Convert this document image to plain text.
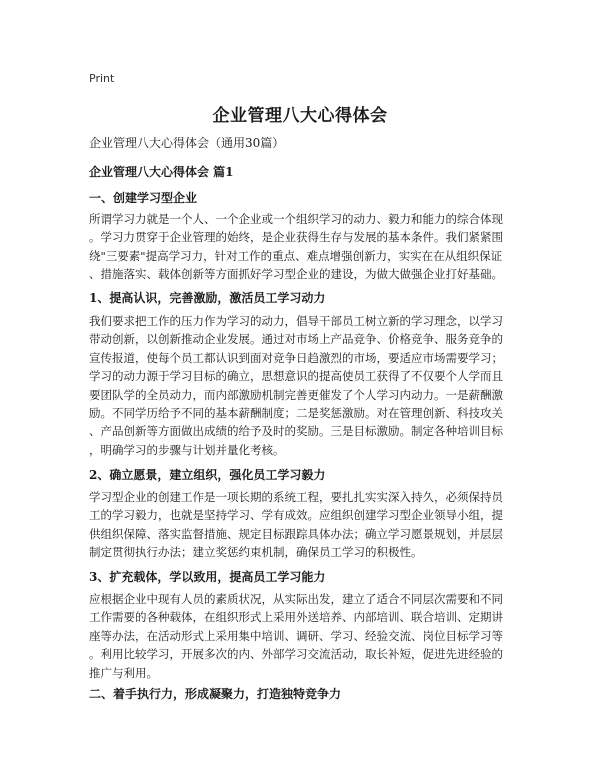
Print
企业管理八大心得体会
企业管理八大心得体会（通用30篇）
企业管理八大心得体会 篇1
一、创建学习型企业
所谓学习力就是一个人、一个企业或一个组织学习的动力、毅力和能力的综合体现
。学习力贯穿于企业管理的始终，是企业获得生存与发展的基本条件。我们紧紧围
绕"三要素"提高学习力，针对工作的重点、难点增强创新力，实实在在从组织保证
、措施落实、载体创新等方面抓好学习型企业的建设，为做大做强企业打好基础。
1、提高认识，完善激励，激活员工学习动力
我们要求把工作的压力作为学习的动力，倡导干部员工树立新的学习理念，以学习
带动创新，以创新推动企业发展。通过对市场上产品竞争、价格竞争、服务竞争的
宣传报道，使每个员工都认识到面对竞争日趋激烈的市场，要适应市场需要学习；
学习的动力源于学习目标的确立，思想意识的提高使员工获得了不仅要个人学而且
要团队学的全员动力，而内部激励机制完善更催发了个人学习内动力。一是薪酬激
励。不同学历给予不同的基本薪酬制度；二是奖惩激励。对在管理创新、科技攻关
、产品创新等方面做出成绩的给予及时的奖励。三是目标激励。制定各种培训目标
，明确学习的步骤与计划并量化考核。
2、确立愿景，建立组织，强化员工学习毅力
学习型企业的创建工作是一项长期的系统工程，要扎扎实实深入持久，必须保持员
工的学习毅力，也就是坚持学习、学有成效。应组织创建学习型企业领导小组，提
供组织保障、落实监督措施、规定目标跟踪具体办法；确立学习愿景规划，并层层
制定贯彻执行办法；建立奖惩约束机制，确保员工学习的积极性。
3、扩充载体，学以致用，提高员工学习能力
应根据企业中现有人员的素质状况，从实际出发，建立了适合不同层次需要和不同
工作需要的各种载体，在组织形式上采用外送培养、内部培训、联合培训、定期讲
座等办法，在活动形式上采用集中培训、调研、学习、经验交流、岗位目标学习等
。利用比较学习，开展多次的内、外部学习交流活动，取长补短，促进先进经验的
推广与利用。
二、着手执行力，形成凝聚力，打造独特竞争力
